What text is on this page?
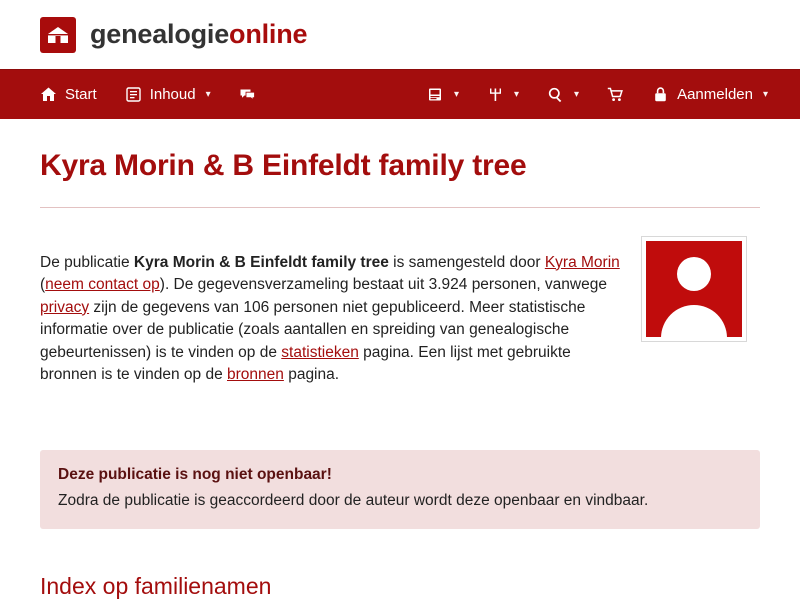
genealogieonline
Start	Inhoud ▾	▾	▾	▾	Aanmelden ▾
Kyra Morin & B Einfeldt family tree

De publicatie Kyra Morin & B Einfeldt family tree is samengesteld door Kyra Morin (neem contact op). De gegevensverzameling bestaat uit 3.924 personen, vanwege privacy zijn de gegevens van 106 personen niet gepubliceerd. Meer statistische informatie over de publicatie (zoals aantallen en spreiding van genealogische gebeurtenissen) is te vinden op de statistieken pagina. Een lijst met gebruikte bronnen is te vinden op de bronnen pagina.

Deze publicatie is nog niet openbaar!
Zodra de publicatie is geaccordeerd door de auteur wordt deze openbaar en vindbaar.
Index op familienamen
